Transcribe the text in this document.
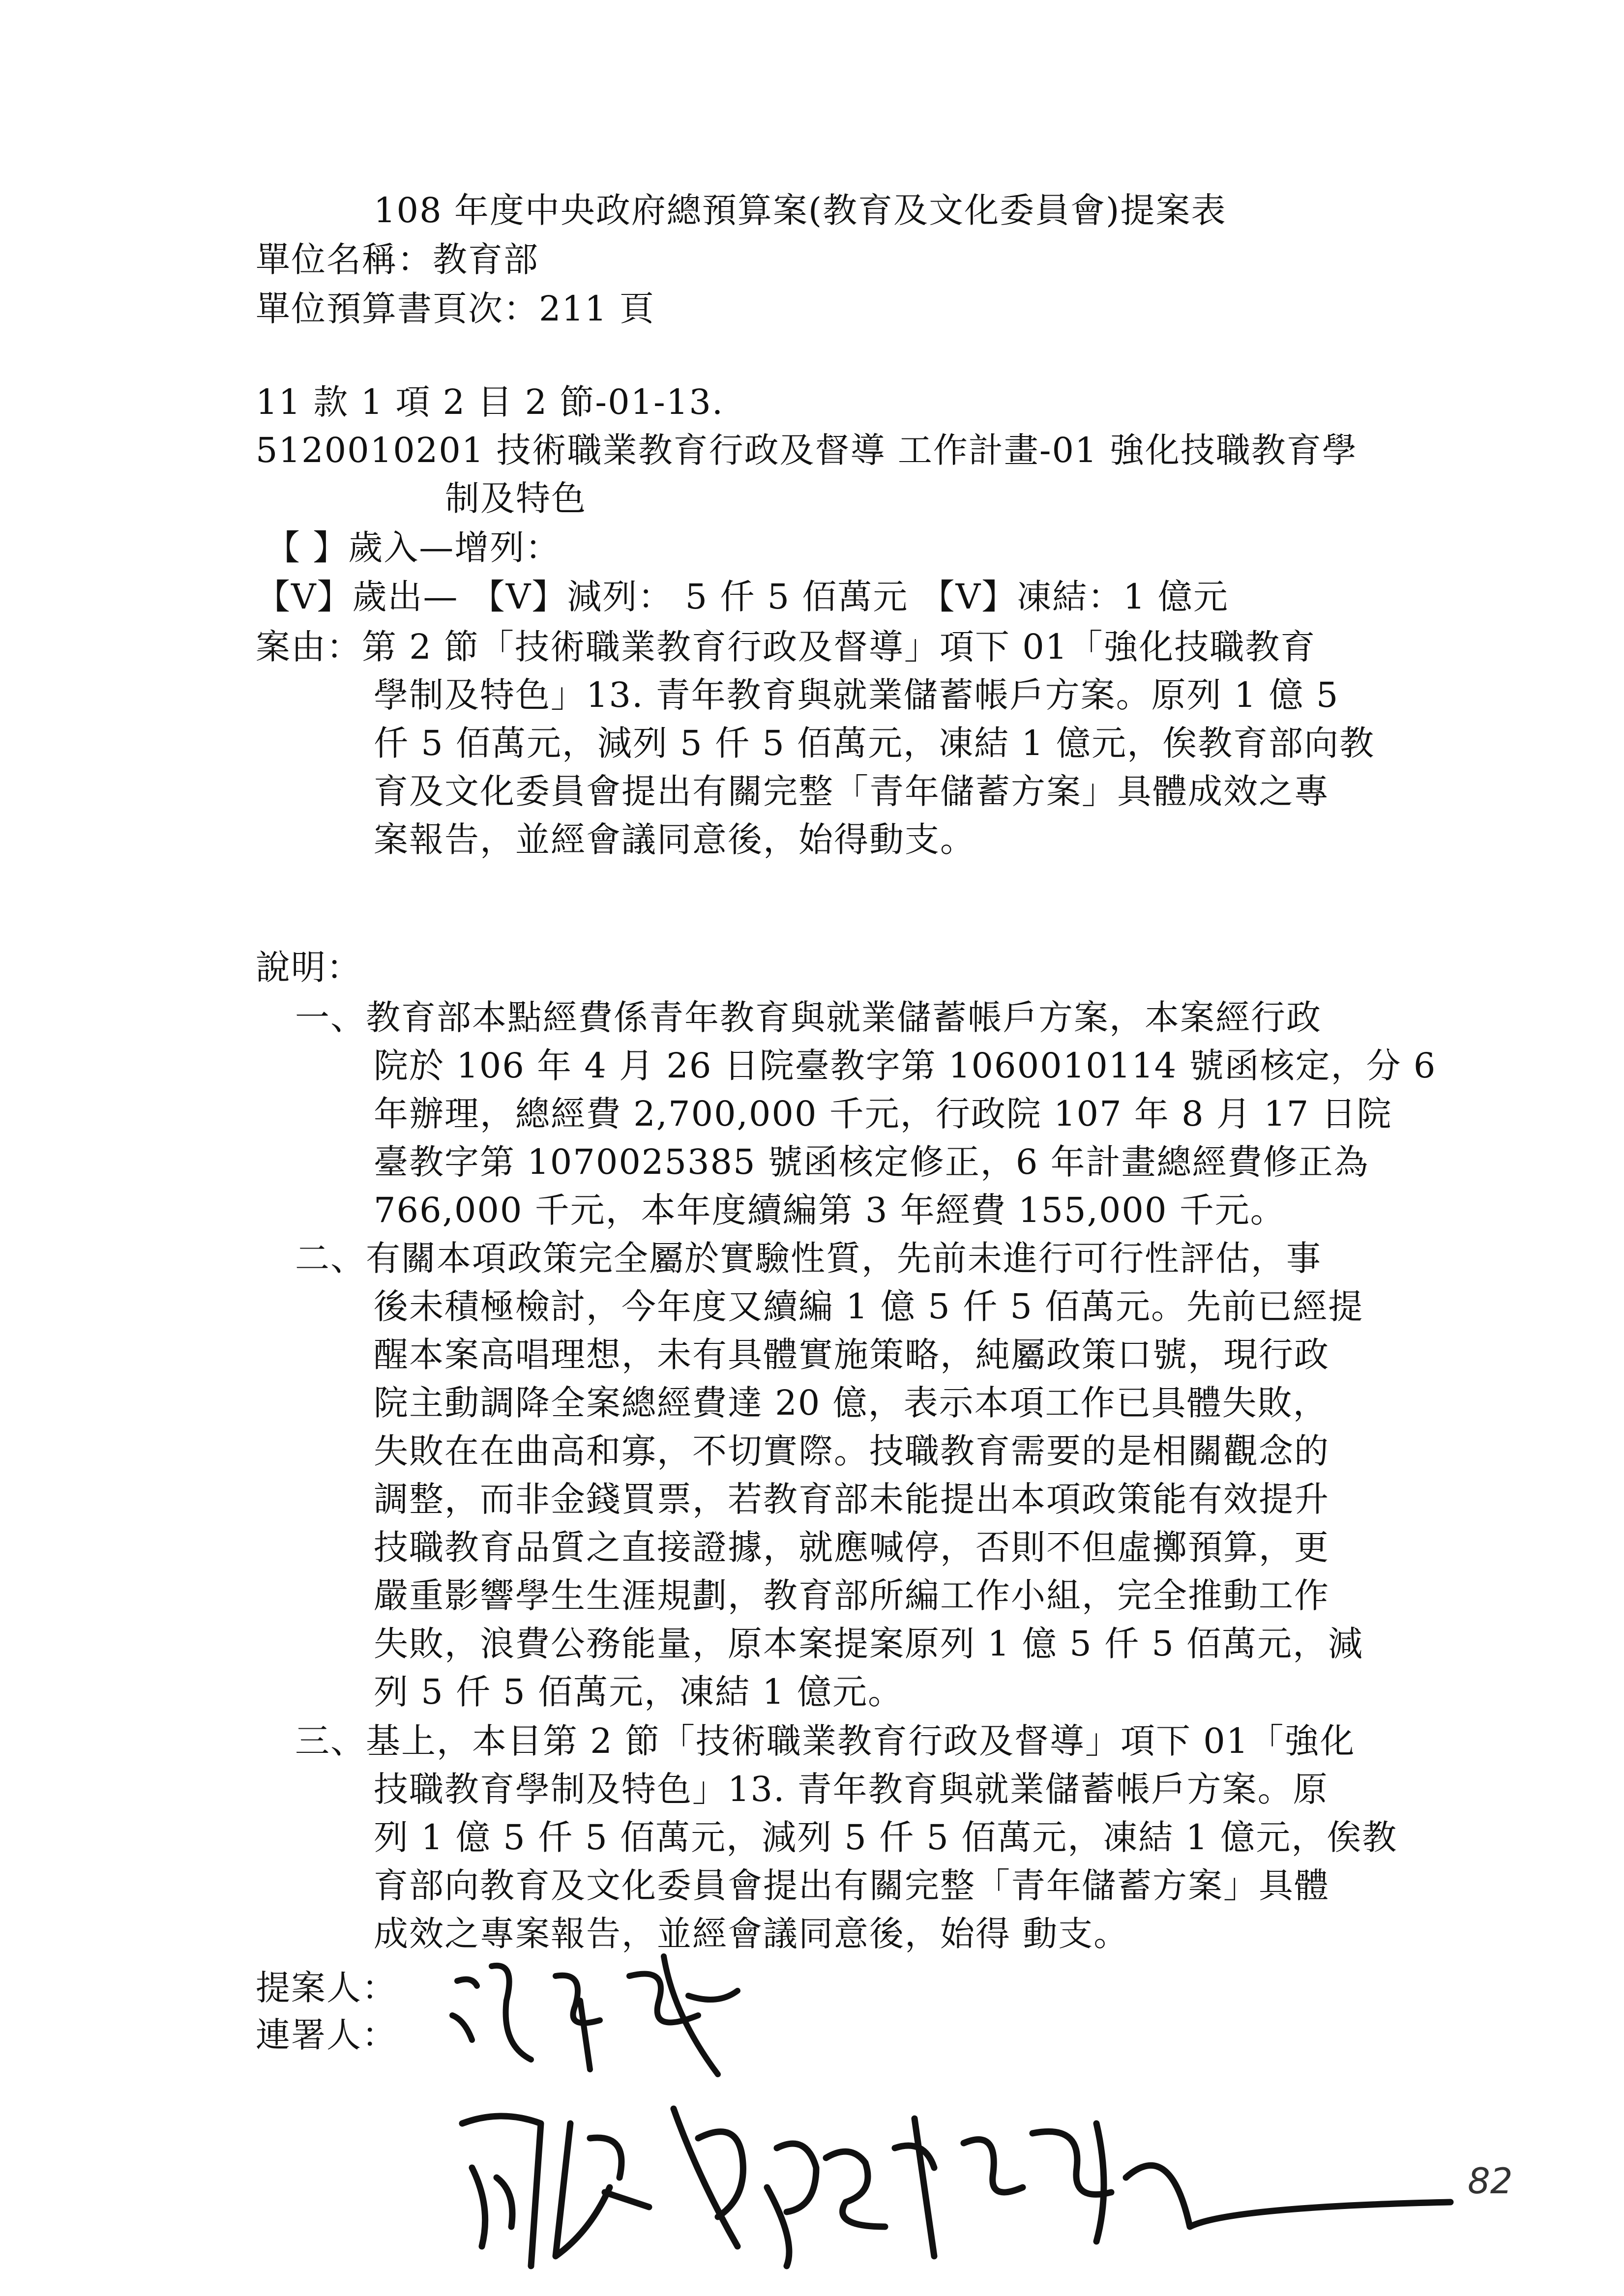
108 年度中央政府總預算案(教育及文化委員會)提案表
單位名稱：教育部
單位預算書頁次：211 頁
11 款 1 項 2 目 2 節-01-13.
5120010201 技術職業教育行政及督導 工作計畫-01 強化技職教育學
制及特色
【 】歲入—增列：
【V】歲出— 【V】減列： 5 仟 5 佰萬元 【V】凍結：1 億元
案由：第 2 節「技術職業教育行政及督導」項下 01「強化技職教育
學制及特色」13. 青年教育與就業儲蓄帳戶方案。原列 1 億 5
仟 5 佰萬元，減列 5 仟 5 佰萬元，凍結 1 億元，俟教育部向教
育及文化委員會提出有關完整「青年儲蓄方案」具體成效之專
案報告，並經會議同意後，始得動支。
說明：
一、教育部本點經費係青年教育與就業儲蓄帳戶方案，本案經行政
院於 106 年 4 月 26 日院臺教字第 1060010114 號函核定，分 6
年辦理，總經費 2,700,000 千元，行政院 107 年 8 月 17 日院
臺教字第 1070025385 號函核定修正，6 年計畫總經費修正為
766,000 千元，本年度續編第 3 年經費 155,000 千元。
二、有關本項政策完全屬於實驗性質，先前未進行可行性評估，事
後未積極檢討，今年度又續編 1 億 5 仟 5 佰萬元。先前已經提
醒本案高唱理想，未有具體實施策略，純屬政策口號，現行政
院主動調降全案總經費達 20 億，表示本項工作已具體失敗，
失敗在在曲高和寡，不切實際。技職教育需要的是相關觀念的
調整，而非金錢買票，若教育部未能提出本項政策能有效提升
技職教育品質之直接證據，就應喊停，否則不但虛擲預算，更
嚴重影響學生生涯規劃，教育部所編工作小組，完全推動工作
失敗，浪費公務能量，原本案提案原列 1 億 5 仟 5 佰萬元，減
列 5 仟 5 佰萬元，凍結 1 億元。
三、基上，本目第 2 節「技術職業教育行政及督導」項下 01「強化
技職教育學制及特色」13. 青年教育與就業儲蓄帳戶方案。原
列 1 億 5 仟 5 佰萬元，減列 5 仟 5 佰萬元，凍結 1 億元，俟教
育部向教育及文化委員會提出有關完整「青年儲蓄方案」具體
成效之專案報告，並經會議同意後，始得 動支。
提案人：
連署人：
82
